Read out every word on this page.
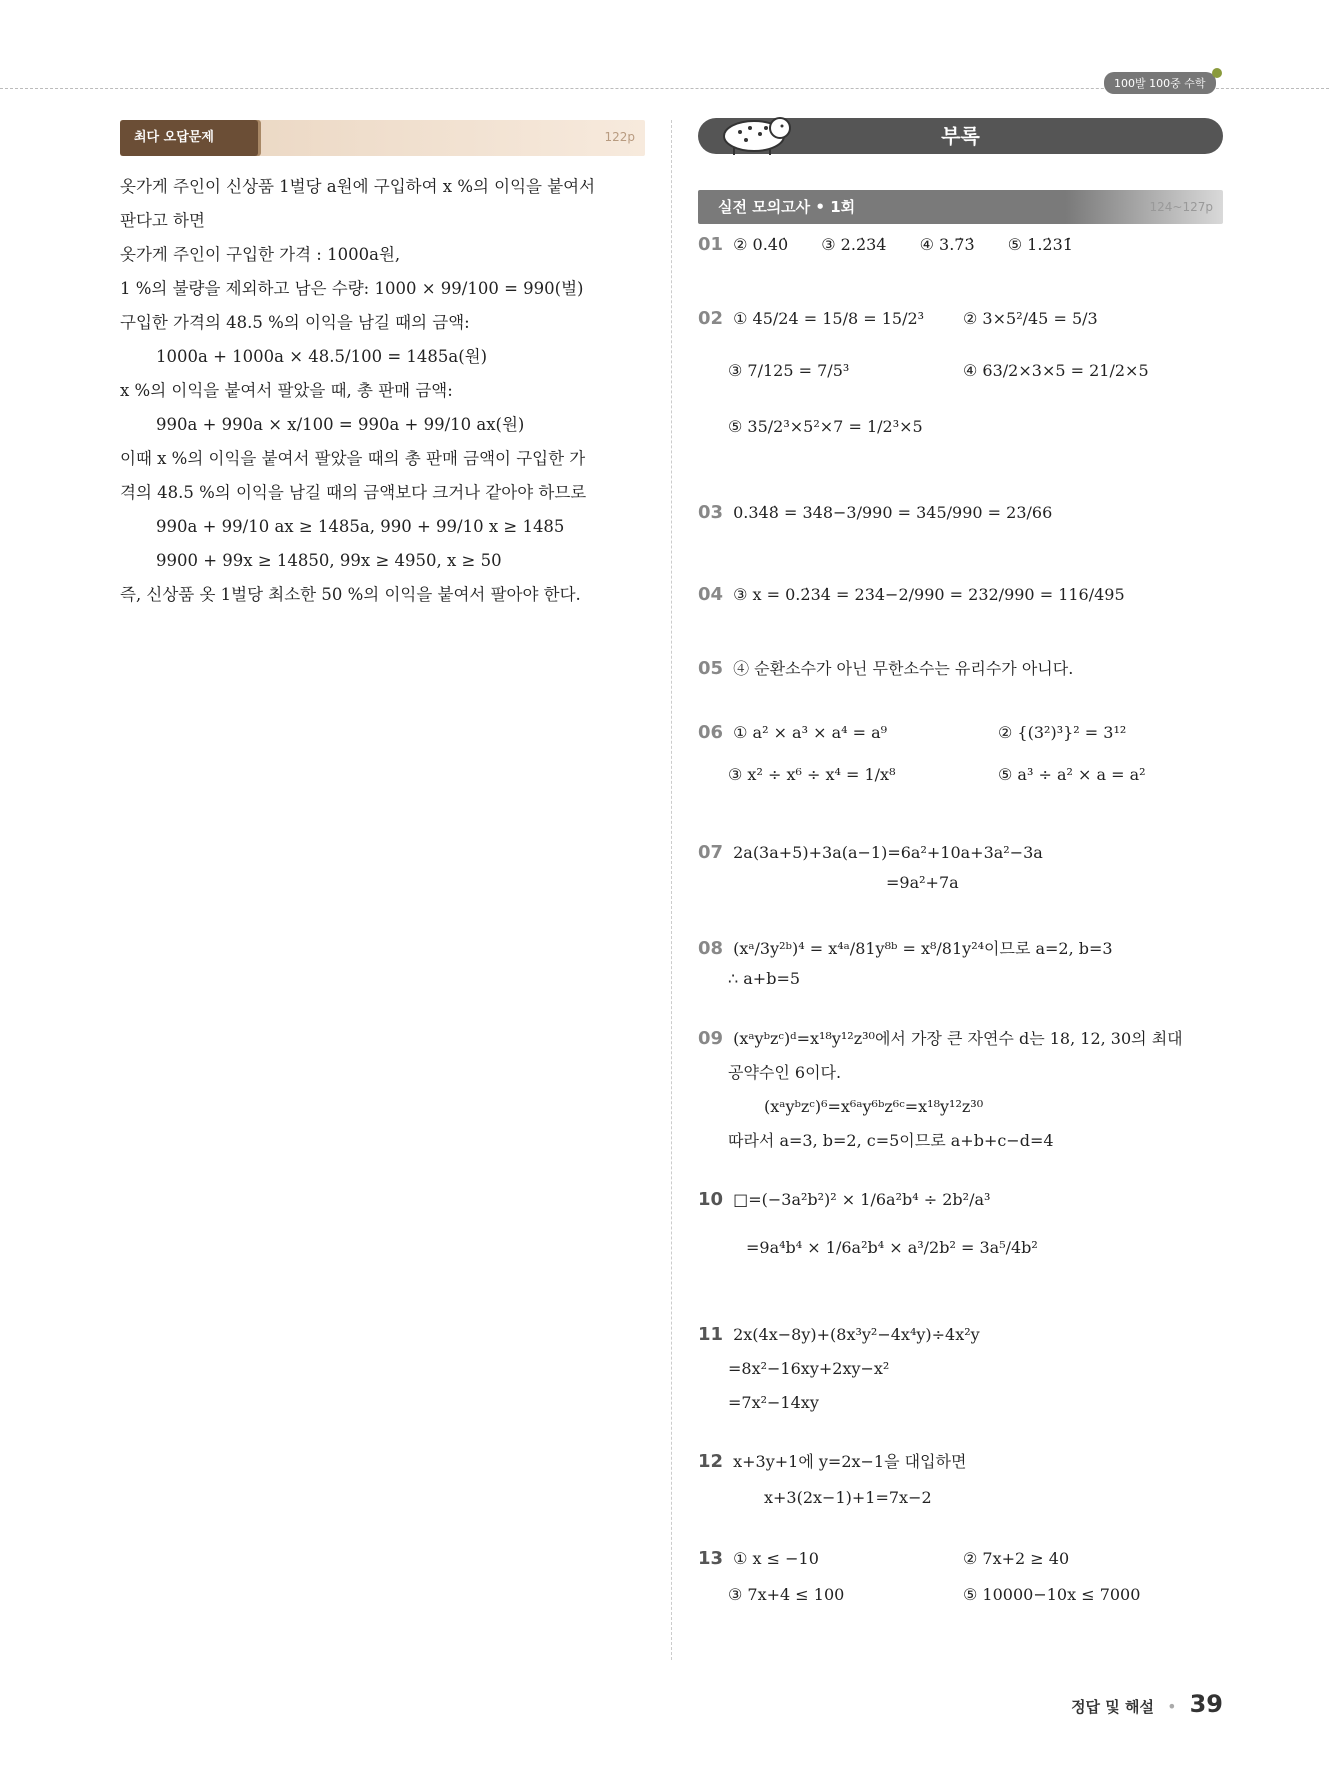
100발 100중 수학
최다 오답문제	122p
옷가게 주인이 신상품 1벌당 a원에 구입하여 x %의 이익을 붙여서
판다고 하면
옷가게 주인이 구입한 가격 : 1000a원,
1 %의 불량을 제외하고 남은 수량: 1000 × 99/100 = 990(벌)
구입한 가격의 48.5 %의 이익을 남길 때의 금액:
1000a + 1000a × 48.5/100 = 1485a(원)
x %의 이익을 붙여서 팔았을 때, 총 판매 금액:
990a + 990a × x/100 = 990a + 99/10 ax(원)
이때 x %의 이익을 붙여서 팔았을 때의 총 판매 금액이 구입한 가
격의 48.5 %의 이익을 남길 때의 금액보다 크거나 같아야 하므로
990a + 99/10 ax ≥ 1485a, 990 + 99/10 x ≥ 1485
9900 + 99x ≥ 14850, 99x ≥ 4950, x ≥ 50
즉, 신상품 옷 1벌당 최소한 50 %의 이익을 붙여서 팔아야 한다.
부록
실전 모의고사 • 1회	124~127p
01 ② 0.4̇0̇ ③ 2.2̇34̇ ④ 3.7̇3̇ ⑤ 1.2̇31̇
02 ① 45/24 = 15/8 = 15/2³ ② 3×5²/45 = 5/3
③ 7/125 = 7/5³	④ 63/2×3×5 = 21/2×5
⑤ 35/2³×5²×7 = 1/2³×5
03 0.34̇8̇ = 348−3/990 = 345/990 = 23/66
04 ③ x = 0.2̇34̇ = 234−2/990 = 232/990 = 116/495
05 ④ 순환소수가 아닌 무한소수는 유리수가 아니다.
06 ① a² × a³ × a⁴ = a⁹	② {(3²)³}² = 3¹²
③ x² ÷ x⁶ ÷ x⁴ = 1/x⁸	⑤ a³ ÷ a² × a = a²
07 2a(3a+5)+3a(a−1)=6a²+10a+3a²−3a
=9a²+7a
08 (xᵃ/3y²ᵇ)⁴ = x⁴ᵃ/81y⁸ᵇ = x⁸/81y²⁴이므로 a=2, b=3
∴ a+b=5
09 (xᵃyᵇzᶜ)ᵈ=x¹⁸y¹²z³⁰에서 가장 큰 자연수 d는 18, 12, 30의 최대
공약수인 6이다.
(xᵃyᵇzᶜ)⁶=x⁶ᵃy⁶ᵇz⁶ᶜ=x¹⁸y¹²z³⁰
따라서 a=3, b=2, c=5이므로 a+b+c−d=4
10 □=(−3a²b²)² × 1/6a²b⁴ ÷ 2b²/a³
=9a⁴b⁴ × 1/6a²b⁴ × a³/2b² = 3a⁵/4b²
11 2x(4x−8y)+(8x³y²−4x⁴y)÷4x²y
=8x²−16xy+2xy−x²
=7x²−14xy
12 x+3y+1에 y=2x−1을 대입하면
x+3(2x−1)+1=7x−2
13 ① x ≤ −10	② 7x+2 ≥ 40
③ 7x+4 ≤ 100	⑤ 10000−10x ≤ 7000
정답 및 해설 • 39
